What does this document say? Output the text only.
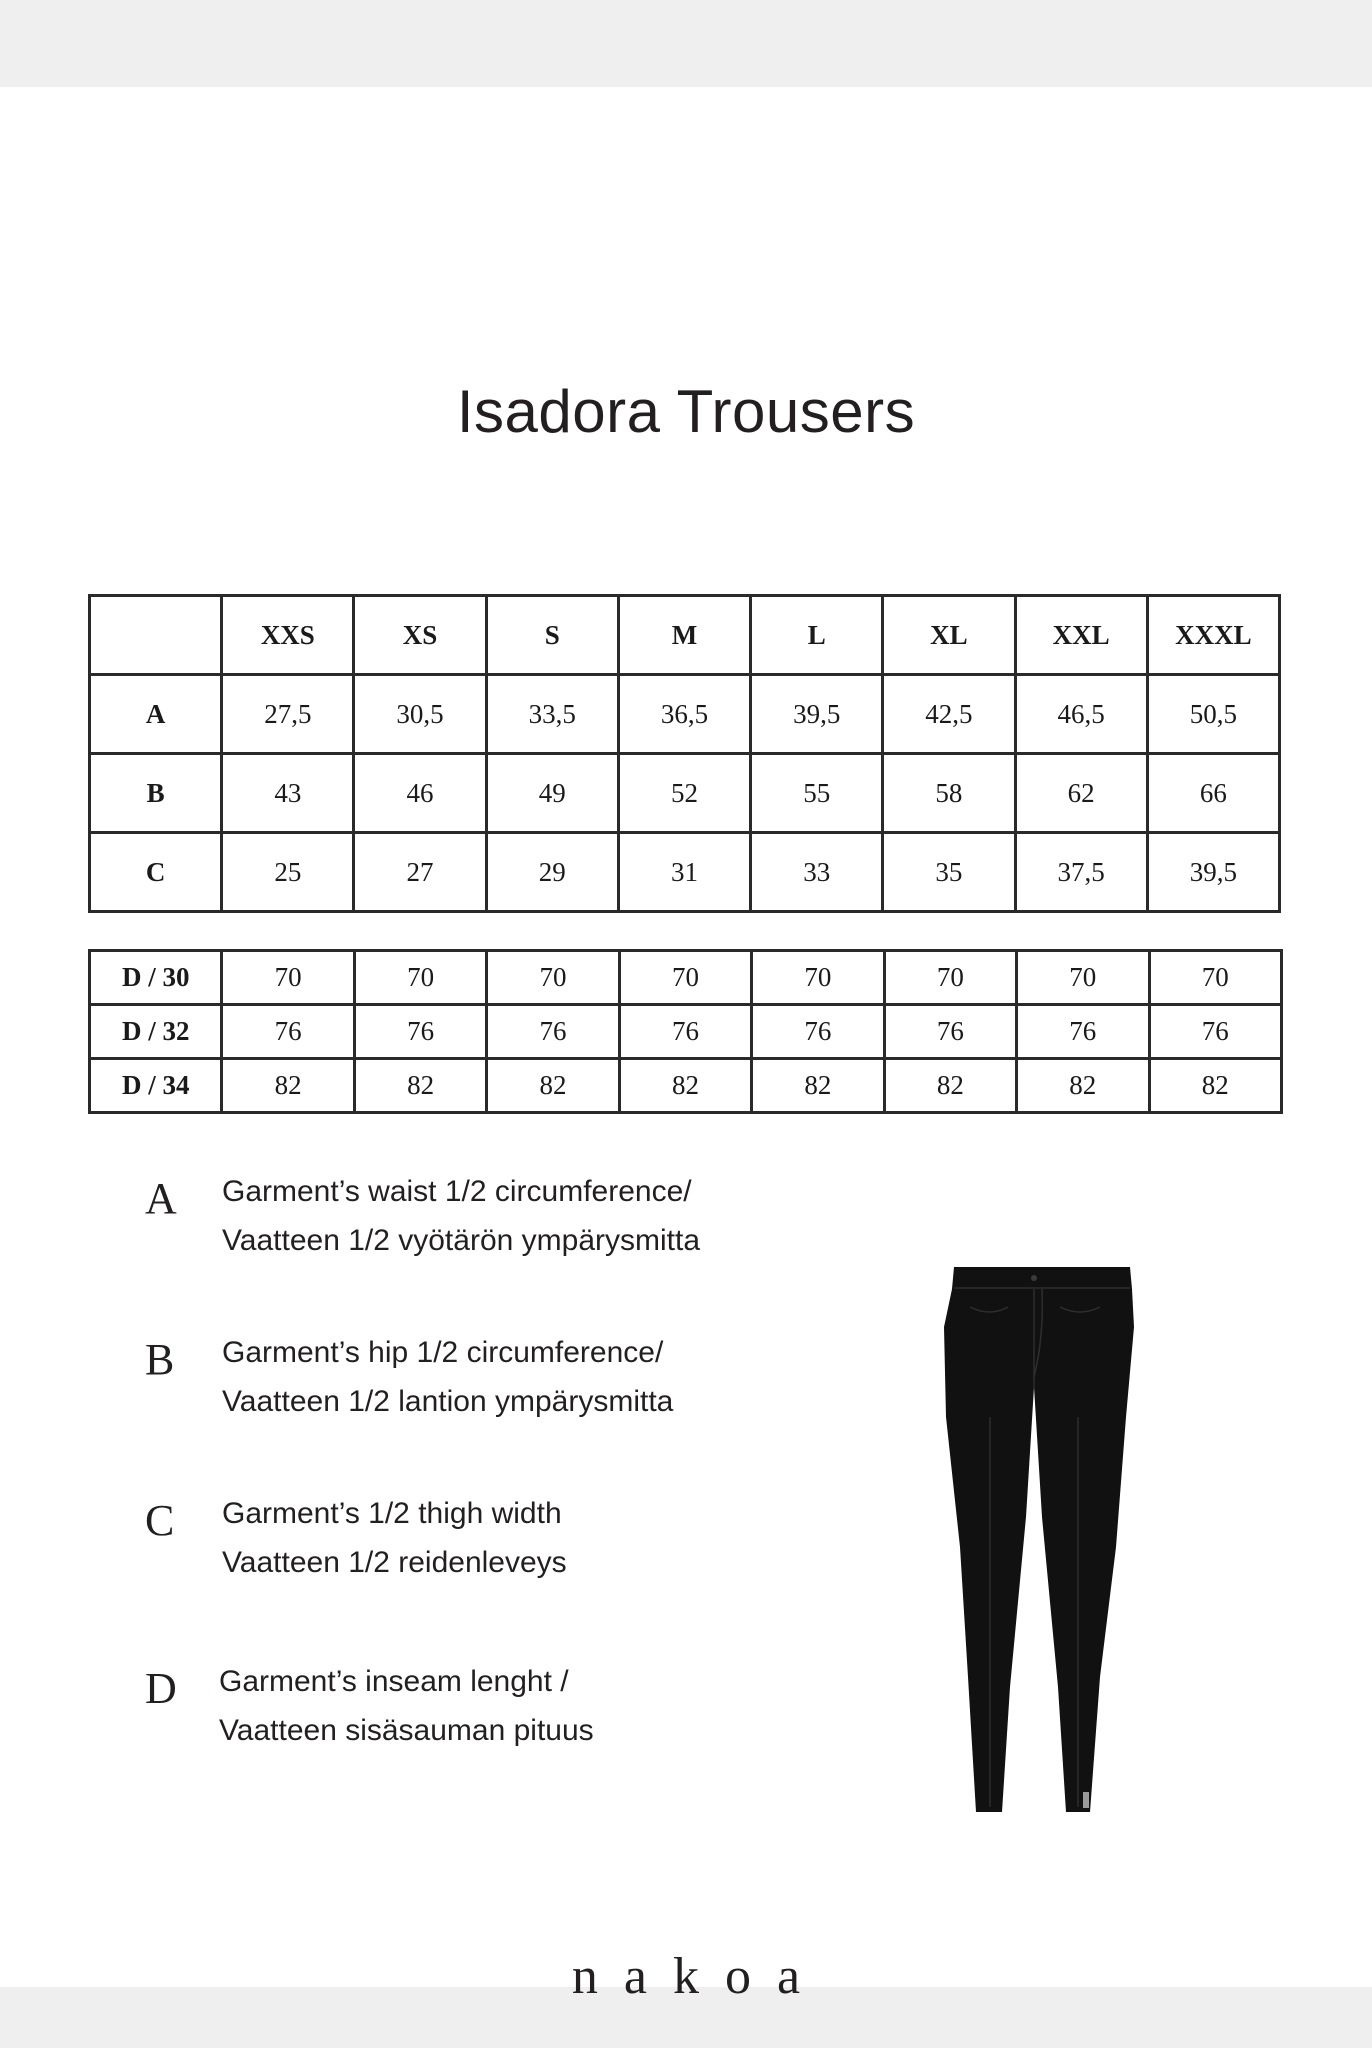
Isadora Trousers
	XXS	XS	S	M	L	XL	XXL	XXXL
A	27,5	30,5	33,5	36,5	39,5	42,5	46,5	50,5
B	43	46	49	52	55	58	62	66
C	25	27	29	31	33	35	37,5	39,5
D / 30	70	70	70	70	70	70	70	70
D / 32	76	76	76	76	76	76	76	76
D / 34	82	82	82	82	82	82	82	82
A	Garment’s waist 1/2 circumference/
Vaatteen 1/2 vyötärön ympärysmitta
B	Garment’s hip 1/2 circumference/
Vaatteen 1/2 lantion ympärysmitta
C	Garment’s 1/2 thigh width
Vaatteen 1/2 reidenleveys
D	Garment’s inseam lenght /
Vaatteen sisäsauman pituus
nakoa
